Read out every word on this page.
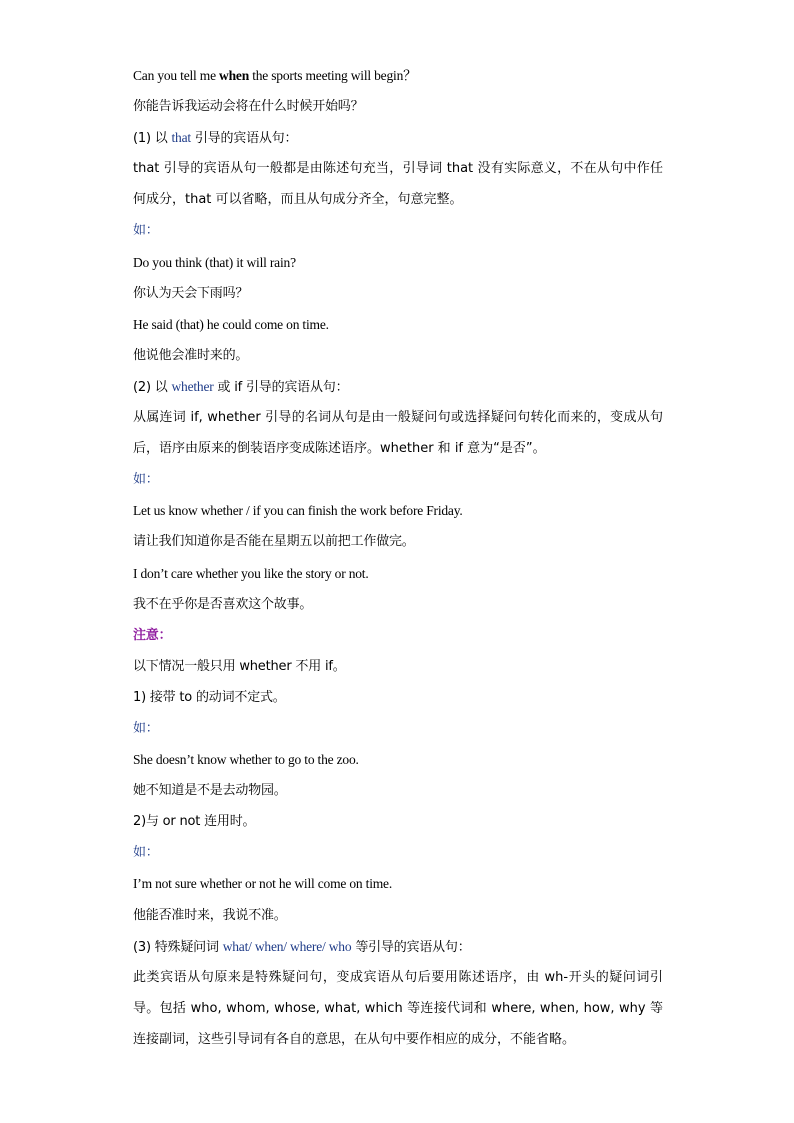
Can you tell me when the sports meeting will begin？
你能告诉我运动会将在什么时候开始吗？
(1) 以 that 引导的宾语从句：
that 引导的宾语从句一般都是由陈述句充当，引导词 that 没有实际意义，不在从句中作任何成分，that 可以省略，而且从句成分齐全，句意完整。
如：
Do you think (that) it will rain?
你认为天会下雨吗？
He said (that) he could come on time.
他说他会准时来的。
(2) 以 whether 或 if 引导的宾语从句：
从属连词 if, whether 引导的名词从句是由一般疑问句或选择疑问句转化而来的，变成从句后，语序由原来的倒装语序变成陈述语序。whether 和 if 意为“是否”。
如：
Let us know whether / if you can finish the work before Friday.
请让我们知道你是否能在星期五以前把工作做完。
I don’t care whether you like the story or not.
我不在乎你是否喜欢这个故事。
注意：
以下情况一般只用 whether 不用 if。
1) 接带 to 的动词不定式。
如：
She doesn’t know whether to go to the zoo.
她不知道是不是去动物园。
2)与 or not 连用时。
如：
I’m not sure whether or not he will come on time.
他能否准时来，我说不准。
(3) 特殊疑问词 what/ when/ where/ who 等引导的宾语从句：
此类宾语从句原来是特殊疑问句，变成宾语从句后要用陈述语序，由 wh-开头的疑问词引导。包括 who, whom, whose, what, which 等连接代词和 where, when, how, why 等连接副词，这些引导词有各自的意思，在从句中要作相应的成分，不能省略。
